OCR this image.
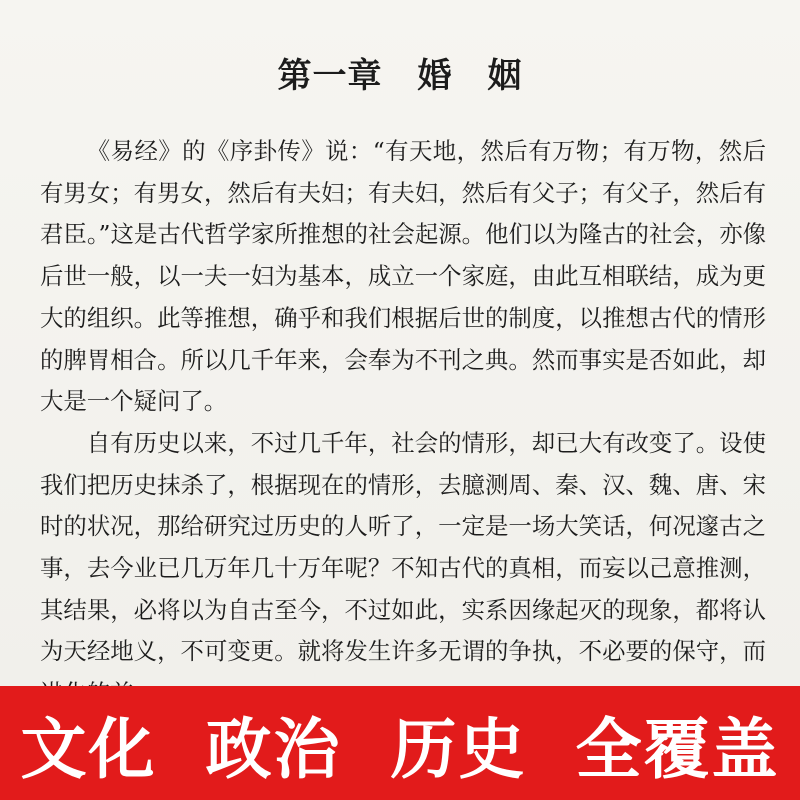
第一章　婚　姻

《易经》的《序卦传》说：“有天地，然后有万物；有万物，然后有男女；有男女，然后有夫妇；有夫妇，然后有父子；有父子，然后有君臣。”这是古代哲学家所推想的社会起源。他们以为隆古的社会，亦像后世一般，以一夫一妇为基本，成立一个家庭，由此互相联结，成为更大的组织。此等推想，确乎和我们根据后世的制度，以推想古代的情形的脾胃相合。所以几千年来，会奉为不刊之典。然而事实是否如此，却大是一个疑问了。

自有历史以来，不过几千年，社会的情形，却已大有改变了。设使我们把历史抹杀了，根据现在的情形，去臆测周、秦、汉、魏、唐、宋时的状况，那给研究过历史的人听了，一定是一场大笑话，何况邃古之事，去今业已几万年几十万年呢？不知古代的真相，而妄以己意推测，其结果，必将以为自古至今，不过如此，实系因缘起灭的现象，都将认为天经地义，不可变更。就将发生许多无谓的争执，不必要的保守，而

文化 政治 历史 全覆盖
